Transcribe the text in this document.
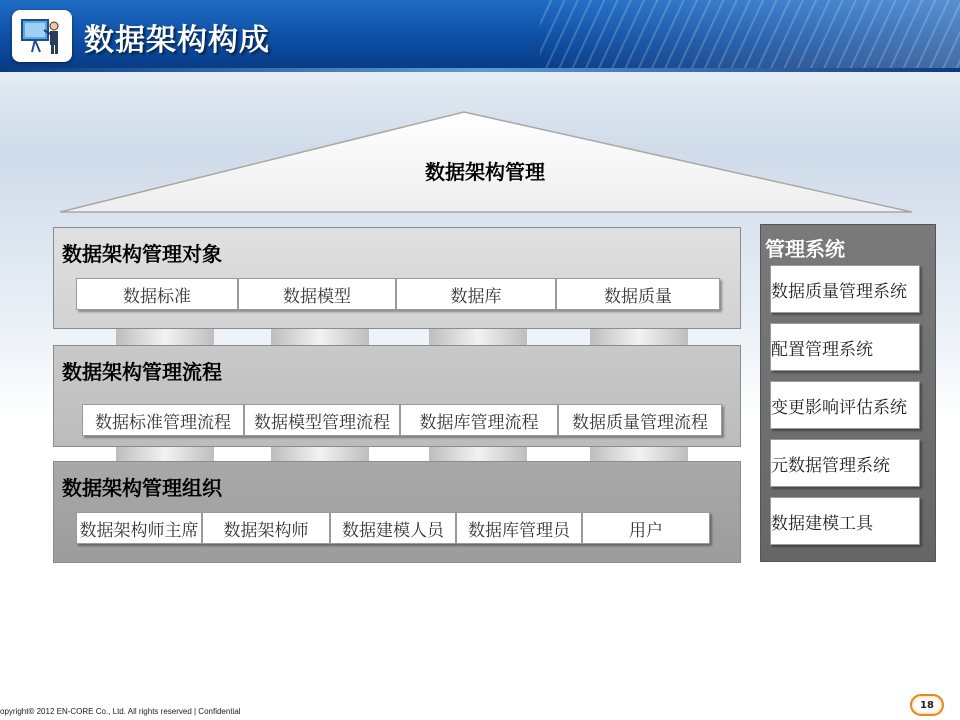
数据架构构成
数据架构管理
数据架构管理对象
数据标准	数据模型	数据库	数据质量
数据架构管理流程
数据标准管理流程	数据模型管理流程	数据库管理流程	数据质量管理流程
数据架构管理组织
数据架构师主席	数据架构师	数据建模人员	数据库管理员	用户
管理系统
数据质量管理系统
配置管理系统
变更影响评估系统
元数据管理系统
数据建模工具
opyright© 2012 EN-CORE Co., Ltd. All rights reserved | Confidential
18
